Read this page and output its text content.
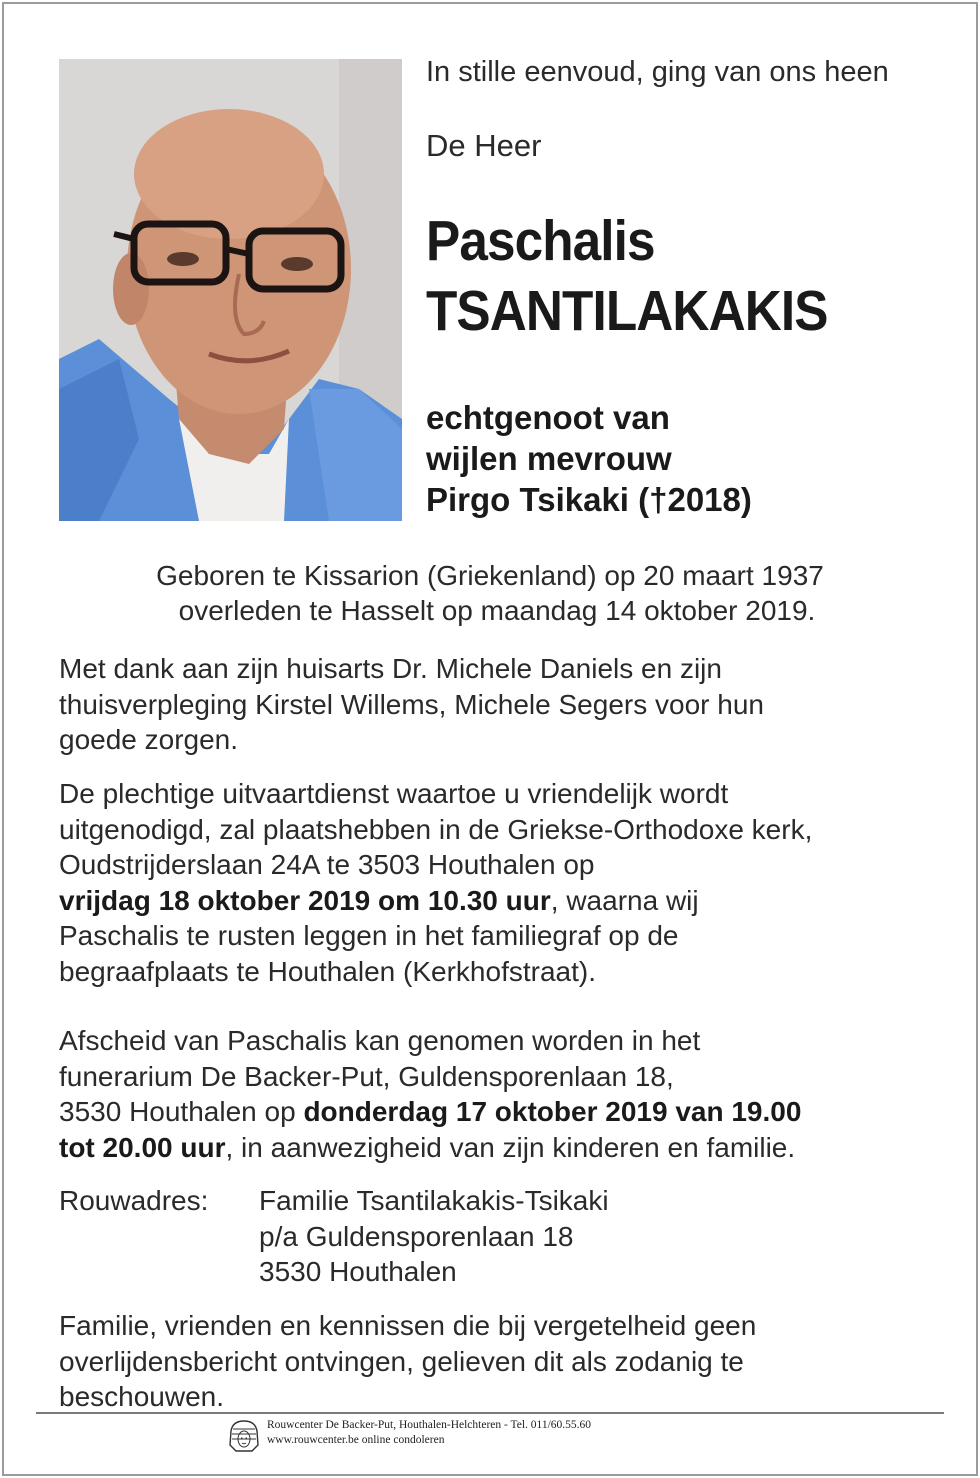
In stille eenvoud, ging van ons heen
De Heer
Paschalis
TSANTILAKAKIS
echtgenoot van
wijlen mevrouw
Pirgo Tsikaki (†2018)
Geboren te Kissarion (Griekenland) op 20 maart 1937
overleden te Hasselt op maandag 14 oktober 2019.
Met dank aan zijn huisarts Dr. Michele Daniels en zijn
thuisverpleging Kirstel Willems, Michele Segers voor hun
goede zorgen.
De plechtige uitvaartdienst waartoe u vriendelijk wordt
uitgenodigd, zal plaatshebben in de Griekse-Orthodoxe kerk,
Oudstrijderslaan 24A te 3503 Houthalen op
vrijdag 18 oktober 2019 om 10.30 uur, waarna wij
Paschalis te rusten leggen in het familiegraf op de
begraafplaats te Houthalen (Kerkhofstraat).
Afscheid van Paschalis kan genomen worden in het
funerarium De Backer-Put, Guldensporenlaan 18,
3530 Houthalen op donderdag 17 oktober 2019 van 19.00
tot 20.00 uur, in aanwezigheid van zijn kinderen en familie.
Rouwadres: Familie Tsantilakakis-Tsikaki
p/a Guldensporenlaan 18
3530 Houthalen
Familie, vrienden en kennissen die bij vergetelheid geen
overlijdensbericht ontvingen, gelieven dit als zodanig te
beschouwen.
Rouwcenter De Backer-Put, Houthalen-Helchteren - Tel. 011/60.55.60
www.rouwcenter.be online condoleren
